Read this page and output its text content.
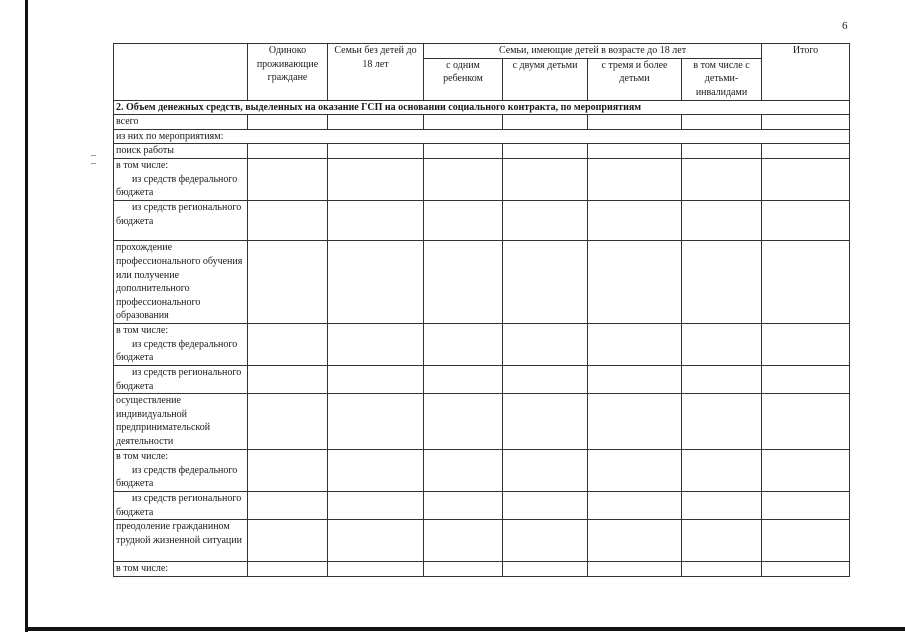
6
	Одиноко проживающие граждане	Семьи без детей до 18 лет	Семьи, имеющие детей в возрасте до 18 лет				Итого
			с одним ребенком	с двумя детьми	с тремя и более детьми	в том числе с детьми-инвалидами	
2. Объем денежных средств, выделенных на оказание ГСП на основании социального контракта, по мероприятиям							
всего							
из них по мероприятиям:							
поиск работы							

в том числе:
из средств федерального бюджета							

из средств регионального бюджета							
прохождение профессионального обучения или получение дополнительного профессионального образования							

в том числе:
из средств федерального бюджета							

из средств регионального бюджета							
осуществление индивидуальной предпринимательской деятельности							

в том числе:
из средств федерального бюджета							

из средств регионального бюджета							
преодоление гражданином трудной жизненной ситуации							
в том числе:							
